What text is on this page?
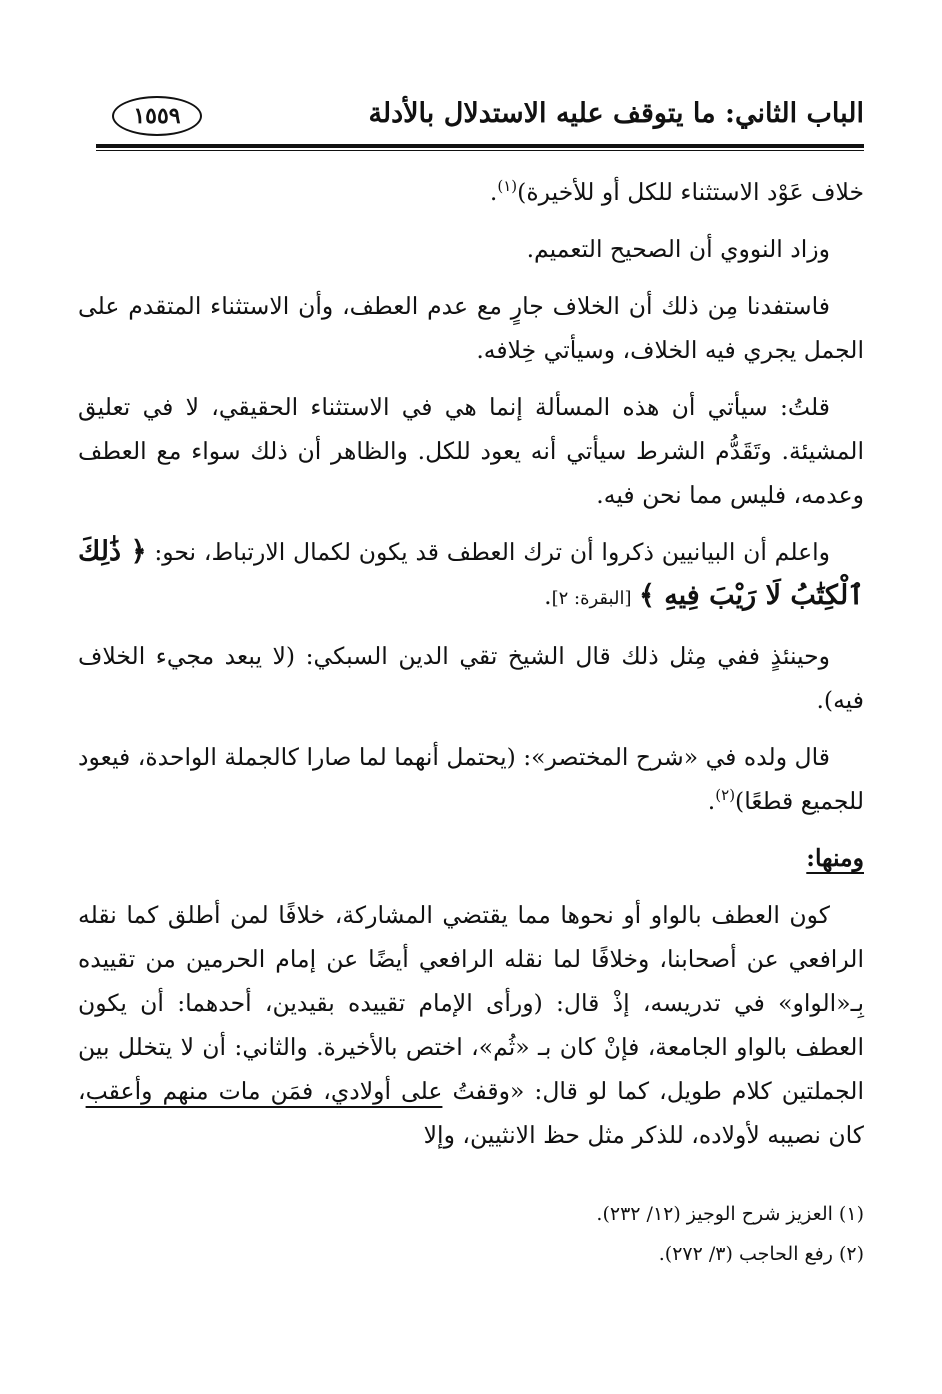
الباب الثاني: ما يتوقف عليه الاستدلال بالأدلة
١٥٥٩

خلاف عَوْد الاستثناء للكل أو للأخيرة)$^{(١)}$.

وزاد النووي أن الصحيح التعميم.

فاستفدنا مِن ذلك أن الخلاف جارٍ مع عدم العطف، وأن الاستثناء المتقدم على الجمل يجري فيه الخلاف، وسيأتي خِلافه.

قلتُ: سيأتي أن هذه المسألة إنما هي في الاستثناء الحقيقي، لا في تعليق المشيئة. وتَقَدُّم الشرط سيأتي أنه يعود للكل. والظاهر أن ذلك سواء مع العطف وعدمه، فليس مما نحن فيه.

واعلم أن البيانيين ذكروا أن ترك العطف قد يكون لكمال الارتباط، نحو: ﴿ ذَٰلِكَ ٱلْكِتَٰبُ لَا رَيْبَ فِيهِ ﴾ [البقرة: ٢].

وحينئذٍ ففي مِثل ذلك قال الشيخ تقي الدين السبكي: (لا يبعد مجيء الخلاف فيه).

قال ولده في «شرح المختصر»: (يحتمل أنهما لما صارا كالجملة الواحدة، فيعود للجميع قطعًا)$^{(٢)}$.

ومنها:

كون العطف بالواو أو نحوها مما يقتضي المشاركة، خلافًا لمن أطلق كما نقله الرافعي عن أصحابنا، وخلافًا لما نقله الرافعي أيضًا عن إمام الحرمين من تقييده بِـ«الواو» في تدريسه، إذْ قال: (ورأى الإمام تقييده بقيدين، أحدهما: أن يكون العطف بالواو الجامعة، فإنْ كان بـ «ثُم»، اختص بالأخيرة. والثاني: أن لا يتخلل بين الجملتين كلام طويل، كما لو قال: «وقفتُ على أولادي، فمَن مات منهم وأعقب، كان نصيبه لأولاده، للذكر مثل حظ الانثيين، وإلا

(١) العزيز شرح الوجيز (١٢/ ٢٣٢).
(٢) رفع الحاجب (٣/ ٢٧٢).
